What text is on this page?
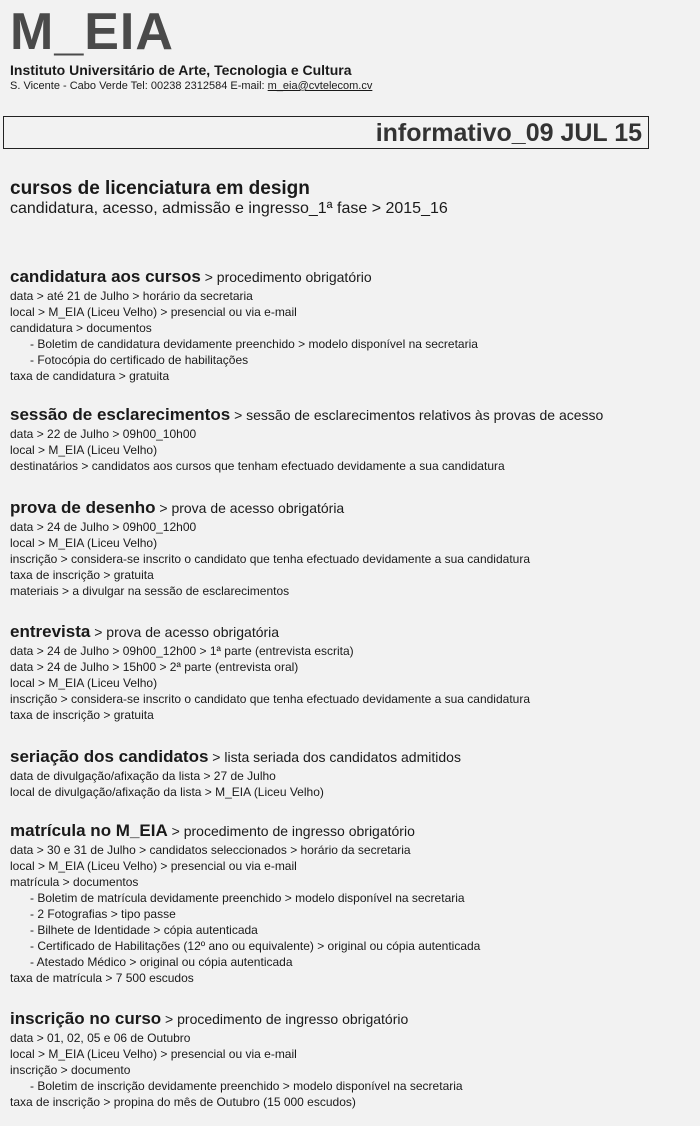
M_EIA
Instituto Universitário de Arte, Tecnologia e Cultura
S. Vicente - Cabo Verde Tel: 00238 2312584 E-mail: m_eia@cvtelecom.cv
informativo_09 JUL 15
cursos de licenciatura em design
candidatura, acesso, admissão e ingresso_1ª fase > 2015_16
candidatura aos cursos > procedimento obrigatório
data > até 21 de Julho > horário da secretaria
local > M_EIA (Liceu Velho) > presencial ou via e-mail
candidatura > documentos
- Boletim de candidatura devidamente preenchido > modelo disponível na secretaria
- Fotocópia do certificado de habilitações
taxa de candidatura > gratuita
sessão de esclarecimentos > sessão de esclarecimentos relativos às provas de acesso
data > 22 de Julho > 09h00_10h00
local > M_EIA (Liceu Velho)
destinatários > candidatos aos cursos que tenham efectuado devidamente a sua candidatura
prova de desenho > prova de acesso obrigatória
data > 24 de Julho > 09h00_12h00
local > M_EIA (Liceu Velho)
inscrição > considera-se inscrito o candidato que tenha efectuado devidamente a sua candidatura
taxa de inscrição > gratuita
materiais > a divulgar na sessão de esclarecimentos
entrevista > prova de acesso obrigatória
data > 24 de Julho > 09h00_12h00 > 1ª parte (entrevista escrita)
data > 24 de Julho > 15h00 > 2ª parte (entrevista oral)
local > M_EIA (Liceu Velho)
inscrição > considera-se inscrito o candidato que tenha efectuado devidamente a sua candidatura
taxa de inscrição > gratuita
seriação dos candidatos > lista seriada dos candidatos admitidos
data de divulgação/afixação da lista > 27 de Julho
local de divulgação/afixação da lista > M_EIA (Liceu Velho)
matrícula no M_EIA > procedimento de ingresso obrigatório
data > 30 e 31 de Julho > candidatos seleccionados > horário da secretaria
local > M_EIA (Liceu Velho) > presencial ou via e-mail
matrícula > documentos
- Boletim de matrícula devidamente preenchido > modelo disponível na secretaria
- 2 Fotografias > tipo passe
- Bilhete de Identidade > cópia autenticada
- Certificado de Habilitações (12º ano ou equivalente) > original ou cópia autenticada
- Atestado Médico > original ou cópia autenticada
taxa de matrícula > 7 500 escudos
inscrição no curso > procedimento de ingresso obrigatório
data > 01, 02, 05 e 06 de Outubro
local > M_EIA (Liceu Velho) > presencial ou via e-mail
inscrição > documento
- Boletim de inscrição devidamente preenchido > modelo disponível na secretaria
taxa de inscrição > propina do mês de Outubro (15 000 escudos)
